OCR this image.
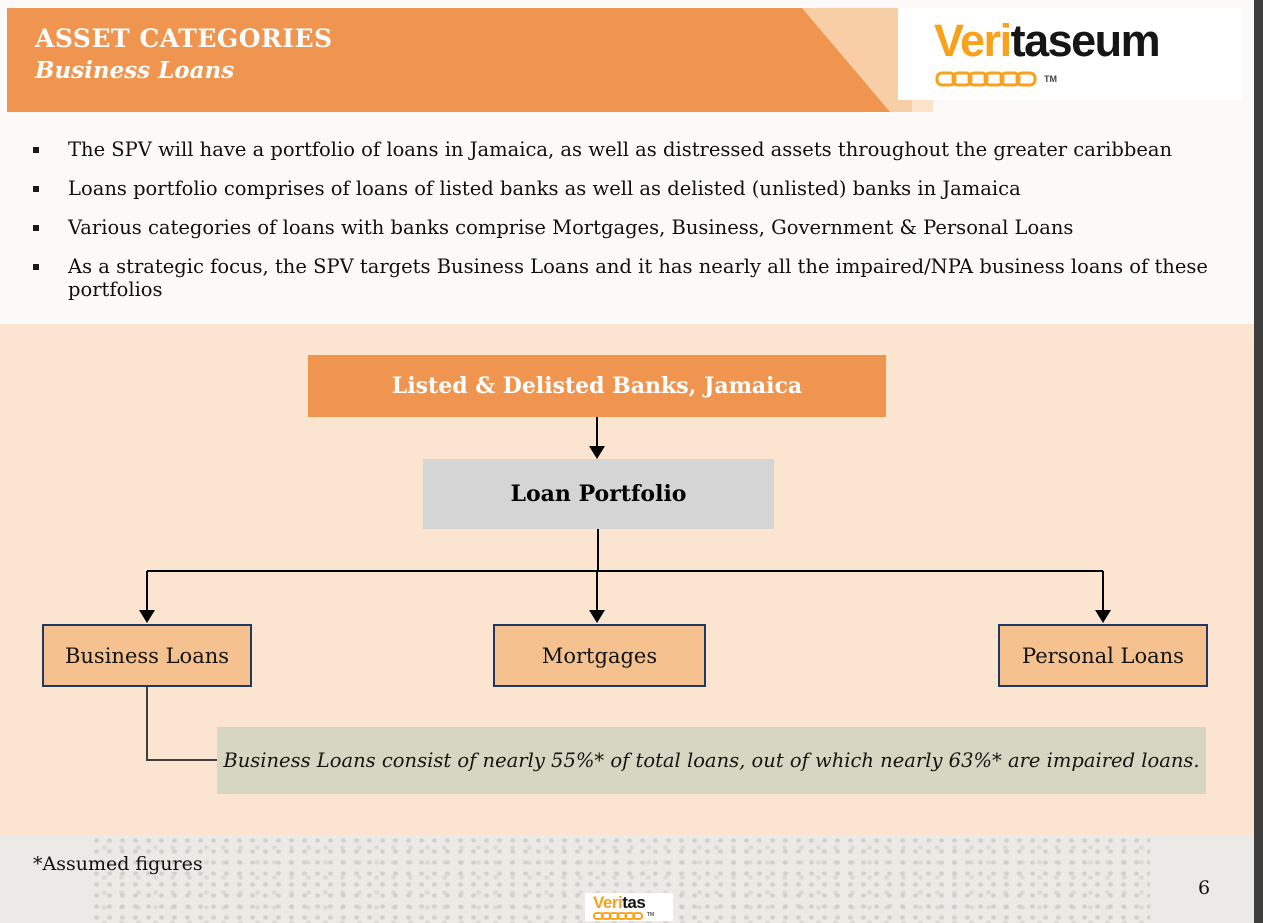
ASSET CATEGORIES
Business Loans
Veritaseum
TM
The SPV will have a portfolio of loans in Jamaica, as well as distressed assets throughout the greater caribbean
Loans portfolio comprises of loans of listed banks as well as delisted (unlisted) banks in Jamaica
Various categories of loans with banks comprise Mortgages, Business, Government & Personal Loans
As a strategic focus, the SPV targets Business Loans and it has nearly all the impaired/NPA business loans of these portfolios
Listed & Delisted Banks, Jamaica
Loan Portfolio
Business Loans	Mortgages	Personal Loans
Business Loans consist of nearly 55%* of total loans, out of which nearly 63%* are impaired loans.
*Assumed figures
Veritas
TM
6
